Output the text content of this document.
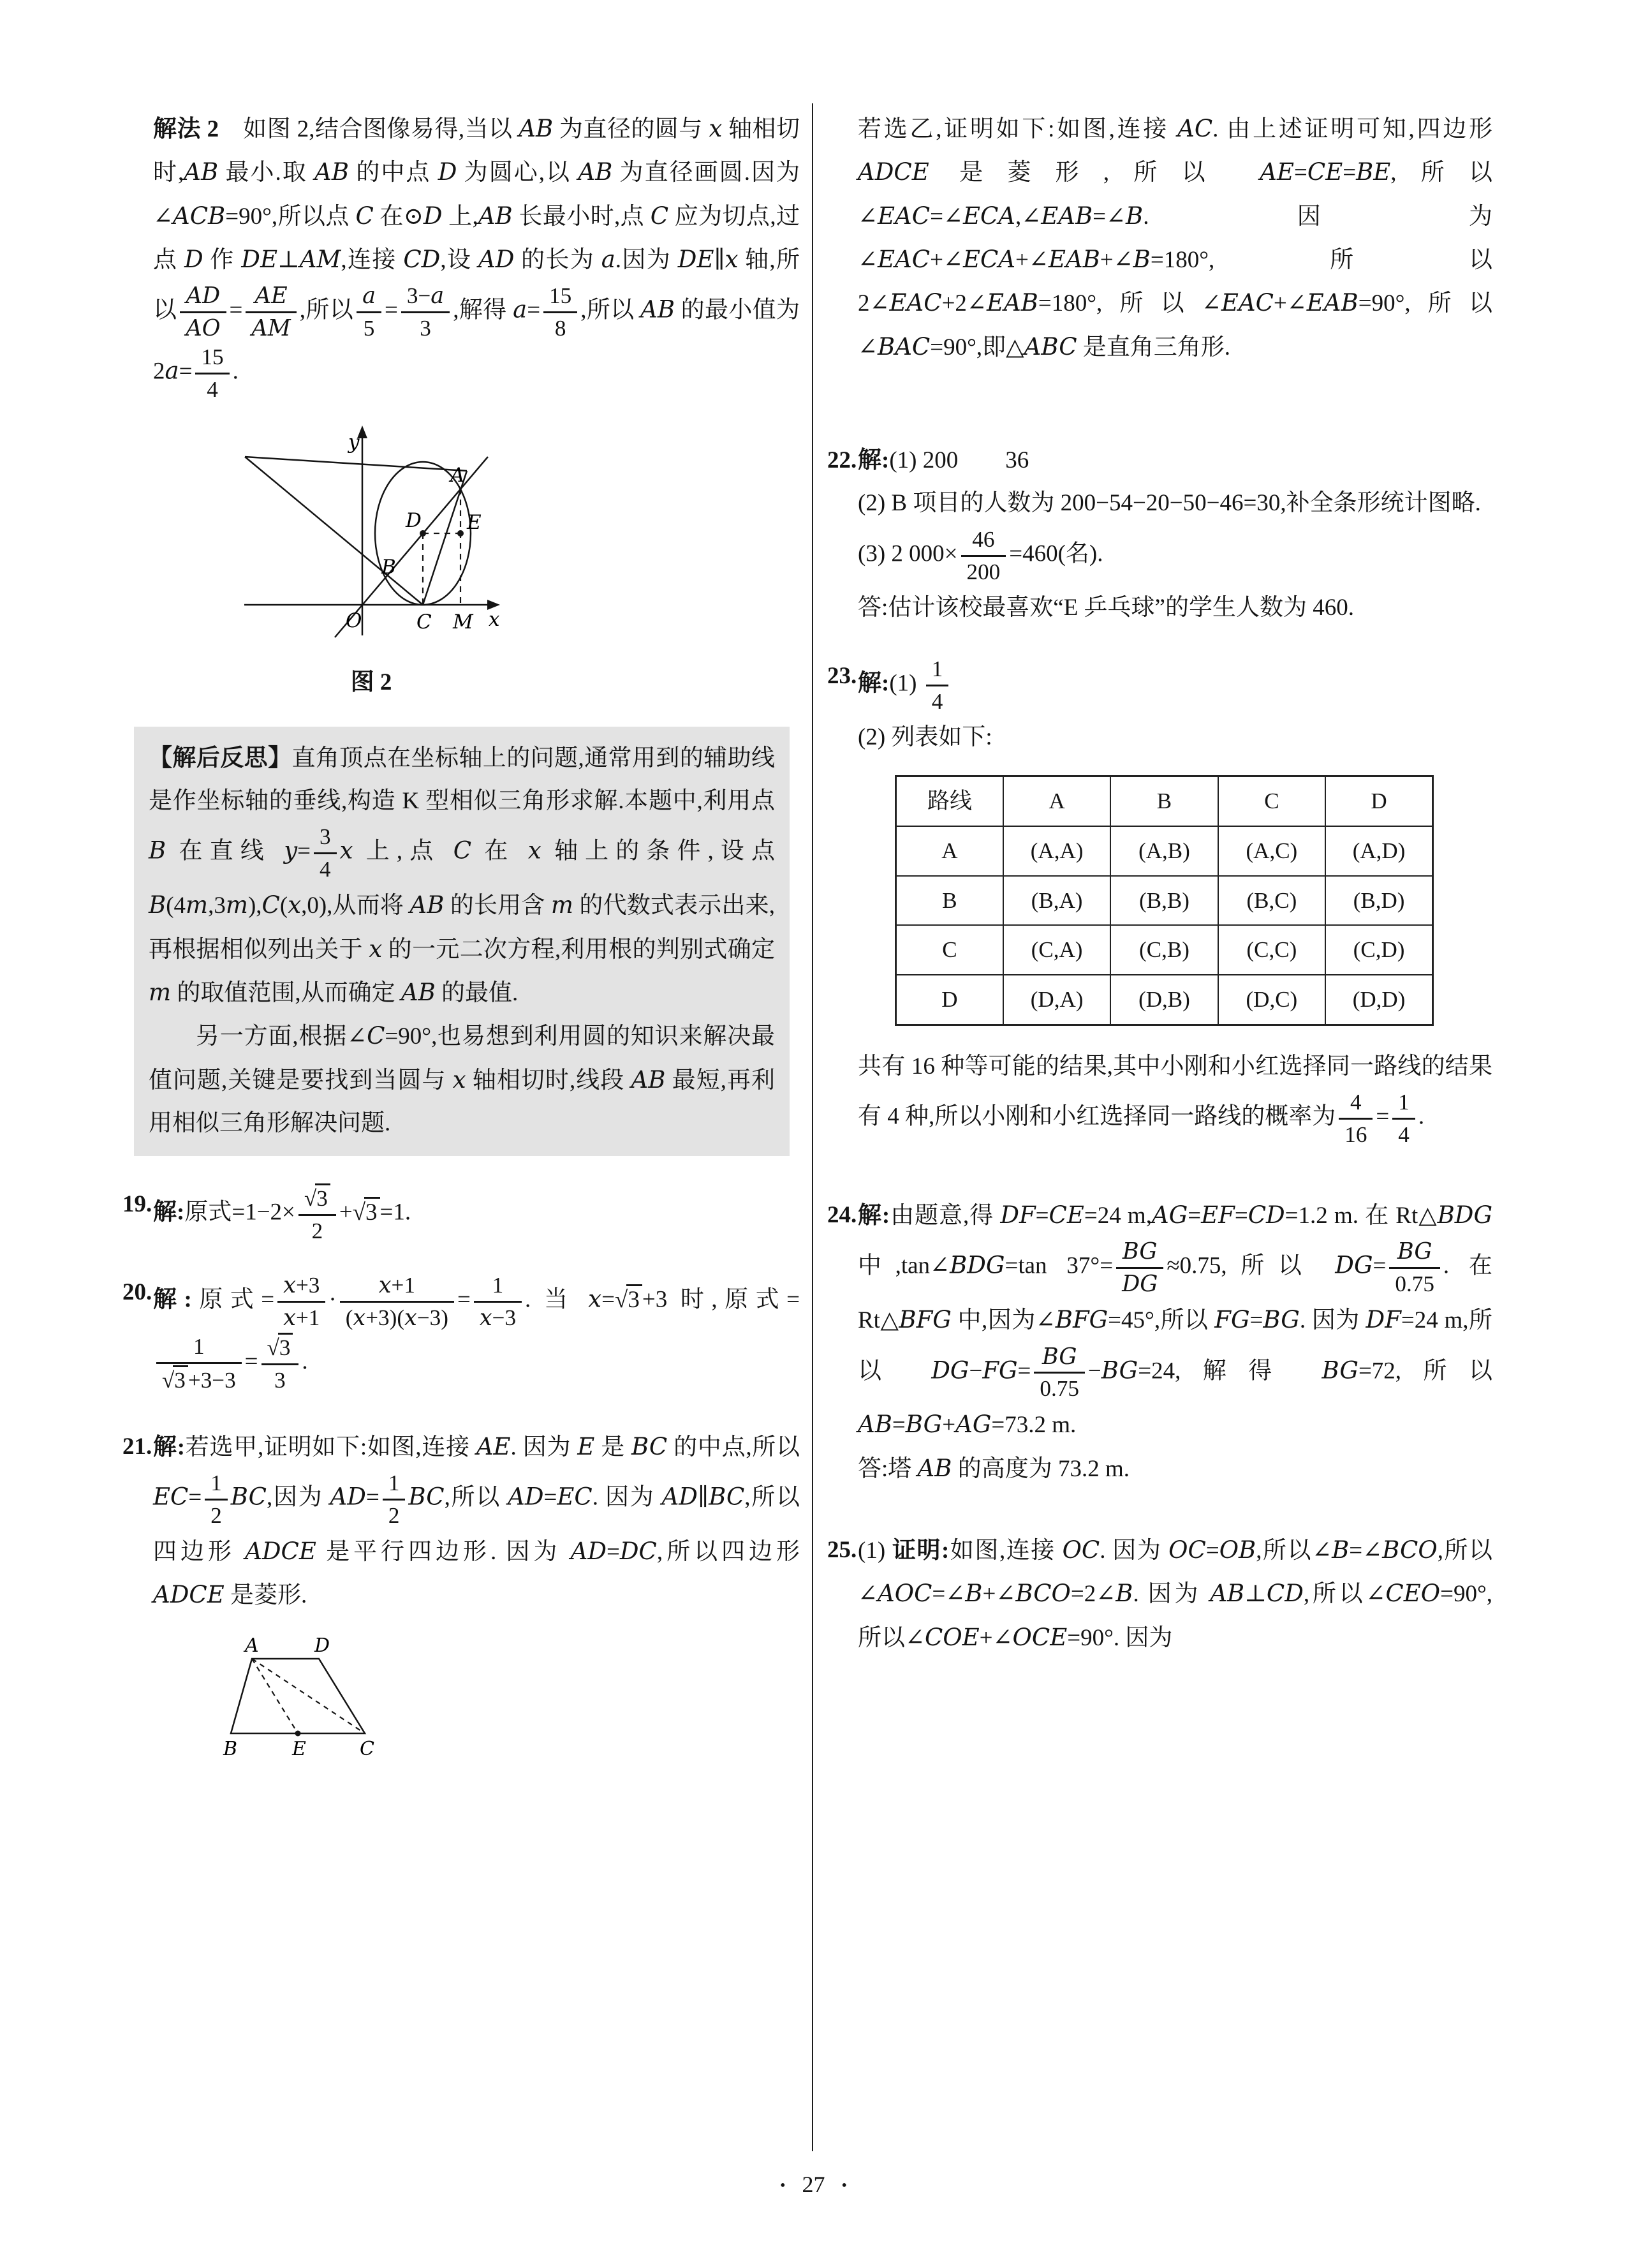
解法 2　如图 2,结合图像易得,当以 AB 为直径的圆与 x 轴相切时,AB 最小.取 AB 的中点 D 为圆心,以 AB 为直径画圆.因为∠ACB=90°,所以点 C 在⊙D 上,AB 长最小时,点 C 应为切点,过点 D 作 DE⊥AM,连接 CD,设 AD 的长为 a.因为 DE∥x 轴,所以 $\frac{AD}{AO} = \frac{AE}{AM}$ ,所以 $\frac{a}{5} = \frac{3-a}{3}$ ,解得 $a= \frac{15}{8}$ ,所以 AB 的最小值为 $2a= \frac{15}{4}$ .
y
A
D E
B
O	C M x
图 2
【解后反思】直角顶点在坐标轴上的问题,通常用到的辅助线是作坐标轴的垂线,构造 K 型相似三角形求解.本题中,利用点 B 在直线 $y= \frac{3}{4}$ x 上,点 C 在 x 轴上的条件,设点 B(4m,3m),C(x,0),从而将 AB 的长用含 m 的代数式表示出来,再根据相似列出关于 x 的一元二次方程,利用根的判别式确定 m 的取值范围,从而确定 AB 的最值.
另一方面,根据∠C=90°,也易想到利用圆的知识来解决最值问题,关键是要找到当圆与 x 轴相切时,线段 AB 最短,再利用相似三角形解决问题.
19. 解:原式$=1-2\times \frac{√3}{2} +√3 =1$.
20. 解:原式= $\frac{x+3}{x+1} \cdot \frac{x+1}{(x+3)(x-3)} = \frac{1}{x-3}$ . 当 x=√3 +3 时,原式=
$\frac{1}{√3 +3-3} = \frac{√3}{3}$ .
21. 解:若选甲,证明如下:如图,连接 AE. 因为 E 是 BC 的中点,所以 $EC= \frac{1}{2}$ BC,因为 $AD= \frac{1}{2}$ BC,所以 AD=EC. 因为 AD∥BC,所以四边形 ADCE 是平行四边形. 因为 AD=DC,所以四边形 ADCE 是菱形.
A	D
B	E	C
若选乙,证明如下:如图,连接 AC. 由上述证明可知,四边形 ADCE 是菱形,所以 AE=CE=BE,所以∠EAC=∠ECA,∠EAB=∠B.因为∠EAC+∠ECA+∠EAB+∠B=180°,所以 2∠EAC+2∠EAB=180°,所以∠EAC+∠EAB=90°,所以∠BAC=90°,即△ABC 是直角三角形.
22. 解:(1) 200　　36
(2) B 项目的人数为 200−54−20−50−46=30,补全条形统计图略.
(3) 2 $000\times \frac{46}{200} =460$(名).
答:估计该校最喜欢“E 乒乓球”的学生人数为 460.
23. 解:(1) $\frac{1}{4}$
(2) 列表如下:
路线	A	B	C	D
A	(A,A)	(A,B)	(A,C)	(A,D)
B	(B,A)	(B,B)	(B,C)	(B,D)
C	(C,A)	(C,B)	(C,C)	(C,D)
D	(D,A)	(D,B)	(D,C)	(D,D)
共有 16 种等可能的结果,其中小刚和小红选择同一路线的结果有 4 种,所以小刚和小红选择同一路线的概率为 $\frac{4}{16} = \frac{1}{4}$ .
24. 解:由题意,得 DF=CE=24 m,AG=EF=CD=1.2 m. 在 Rt△BDG 中,tan∠BDG=tan $37^\circ= \frac{BG}{DG} \approx 0.75$,所以 $DG= \frac{BG}{0.75}$ . 在 Rt△BFG 中,因为∠BFG=45°,所以 FG=BG. 因为 DF=24 m,所以 $DG-FG= \frac{BG}{0.75} -BG=24$,解得 BG=72,所以 AB=BG+AG=73.2 m.
答:塔 AB 的高度为 73.2 m.
25. (1) 证明:如图,连接 OC. 因为 OC=OB,所以∠B=∠BCO,所以∠AOC=∠B+∠BCO=2∠B. 因为 AB⊥CD,所以∠CEO=90°,所以∠COE+∠OCE=90°. 因为
• 27 •
